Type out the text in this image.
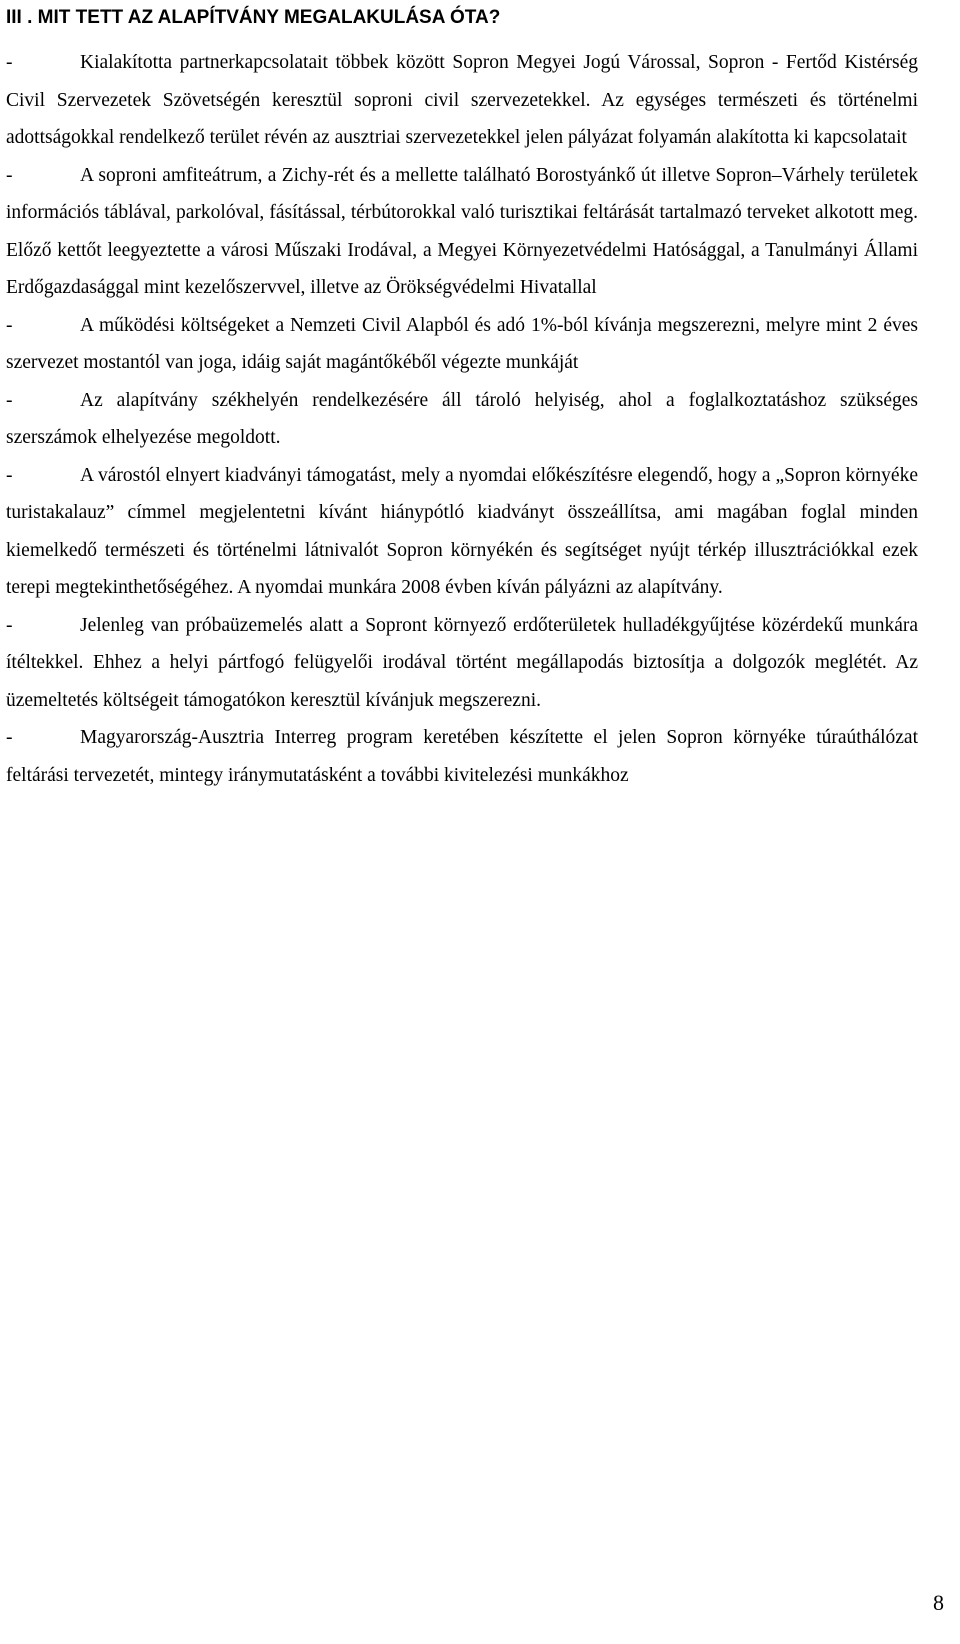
III . MIT TETT AZ ALAPÍTVÁNY MEGALAKULÁSA ÓTA?

-	Kialakította partnerkapcsolatait többek között Sopron Megyei Jogú Várossal, Sopron - Fertőd Kistérség Civil Szervezetek Szövetségén keresztül soproni civil szervezetekkel. Az egységes természeti és történelmi adottságokkal rendelkező terület révén az ausztriai szervezetekkel jelen pályázat folyamán alakította ki kapcsolatait

-	A soproni amfiteátrum, a Zichy-rét és a mellette található Borostyánkő út illetve Sopron–Várhely területek információs táblával, parkolóval, fásítással, térbútorokkal való turisztikai feltárását tartalmazó terveket alkotott meg. Előző kettőt leegyeztette a városi Műszaki Irodával, a Megyei Környezetvédelmi Hatósággal, a Tanulmányi Állami Erdőgazdasággal mint kezelőszervvel, illetve az Örökségvédelmi Hivatallal

-	A működési költségeket a Nemzeti Civil Alapból és adó 1%-ból kívánja megszerezni, melyre mint 2 éves szervezet mostantól van joga, idáig saját magántőkéből végezte munkáját

-	Az alapítvány székhelyén rendelkezésére áll tároló helyiség, ahol a foglalkoztatáshoz szükséges szerszámok elhelyezése megoldott.

-	A várostól elnyert kiadványi támogatást, mely a nyomdai előkészítésre elegendő, hogy a „Sopron környéke turistakalauz” címmel megjelentetni kívánt hiánypótló kiadványt összeállítsa, ami magában foglal minden kiemelkedő természeti és történelmi látnivalót Sopron környékén és segítséget nyújt térkép illusztrációkkal ezek terepi megtekinthetőségéhez. A nyomdai munkára 2008 évben kíván pályázni az alapítvány.

-	Jelenleg van próbaüzemelés alatt a Sopront környező erdőterületek hulladékgyűjtése közérdekű munkára ítéltekkel. Ehhez a helyi pártfogó felügyelői irodával történt megállapodás biztosítja a dolgozók meglétét. Az üzemeltetés költségeit támogatókon keresztül kívánjuk megszerezni.

-	Magyarország-Ausztria Interreg program keretében készítette el jelen Sopron környéke túraúthálózat feltárási tervezetét, mintegy iránymutatásként a további kivitelezési munkákhoz

8
